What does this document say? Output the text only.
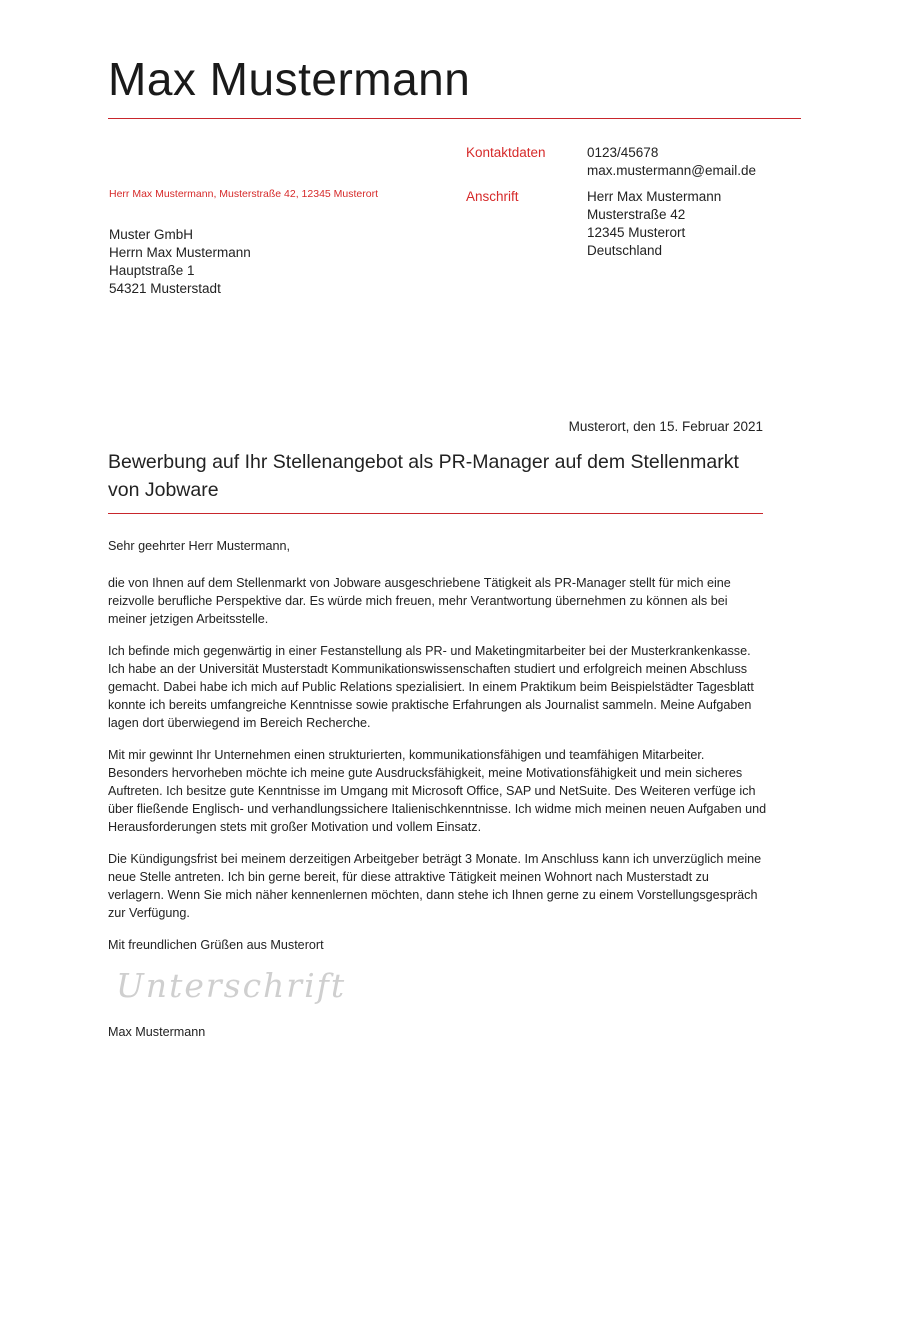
Max Mustermann
Kontaktdaten	0123/45678
max.mustermann@email.de
Anschrift	Herr Max Mustermann
Musterstraße 42
12345 Musterort
Deutschland
Herr Max Mustermann, Musterstraße 42, 12345 Musterort
Muster GmbH
Herrn Max Mustermann
Hauptstraße 1
54321 Musterstadt
Musterort, den 15. Februar 2021
Bewerbung auf Ihr Stellenangebot als PR-Manager auf dem Stellenmarkt von Jobware

Sehr geehrter Herr Mustermann,

die von Ihnen auf dem Stellenmarkt von Jobware ausgeschriebene Tätigkeit als PR-Manager stellt für mich eine reizvolle berufliche Perspektive dar. Es würde mich freuen, mehr Verantwortung übernehmen zu können als bei meiner jetzigen Arbeitsstelle.

Ich befinde mich gegenwärtig in einer Festanstellung als PR- und Maketingmitarbeiter bei der Musterkrankenkasse. Ich habe an der Universität Musterstadt Kommunikationswissenschaften studiert und erfolgreich meinen Abschluss gemacht. Dabei habe ich mich auf Public Relations spezialisiert. In einem Praktikum beim Beispielstädter Tagesblatt konnte ich bereits umfangreiche Kenntnisse sowie praktische Erfahrungen als Journalist sammeln. Meine Aufgaben lagen dort überwiegend im Bereich Recherche.

Mit mir gewinnt Ihr Unternehmen einen strukturierten, kommunikationsfähigen und teamfähigen Mitarbeiter. Besonders hervorheben möchte ich meine gute Ausdrucksfähigkeit, meine Motivationsfähigkeit und mein sicheres Auftreten. Ich besitze gute Kenntnisse im Umgang mit Microsoft Office, SAP und NetSuite. Des Weiteren verfüge ich über fließende Englisch- und verhandlungssichere Italienischkenntnisse. Ich widme mich meinen neuen Aufgaben und Herausforderungen stets mit großer Motivation und vollem Einsatz.

Die Kündigungsfrist bei meinem derzeitigen Arbeitgeber beträgt 3 Monate. Im Anschluss kann ich unverzüglich meine neue Stelle antreten. Ich bin gerne bereit, für diese attraktive Tätigkeit meinen Wohnort nach Musterstadt zu verlagern. Wenn Sie mich näher kennenlernen möchten, dann stehe ich Ihnen gerne zu einem Vorstellungsgespräch zur Verfügung.

Mit freundlichen Grüßen aus Musterort

Unterschrift
Max Mustermann
